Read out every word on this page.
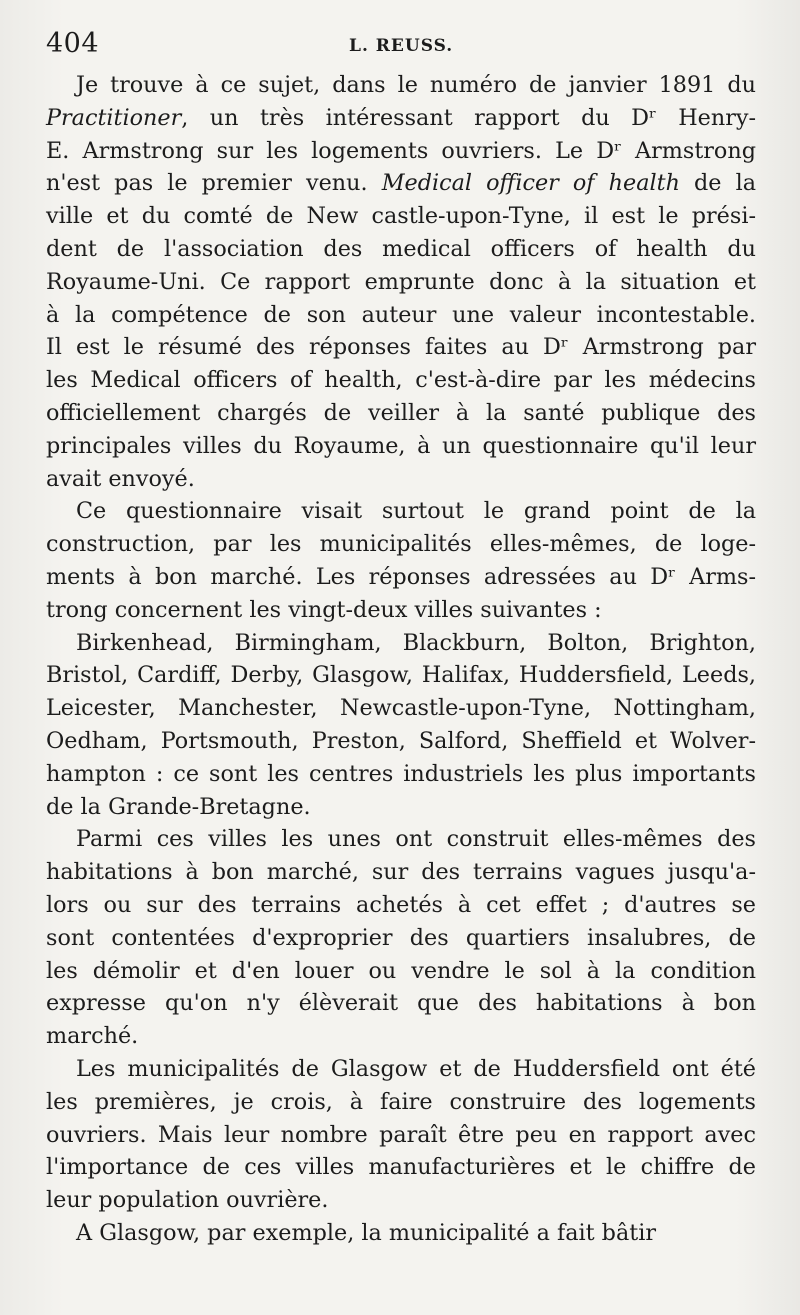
404	L. REUSS.

Je trouve à ce sujet, dans le numéro de janvier 1891 du
Practitioner, un très intéressant rapport du Dʳ Henry-
E. Armstrong sur les logements ouvriers. Le Dʳ Armstrong
n'est pas le premier venu. Medical officer of health de la
ville et du comté de New castle-upon-Tyne, il est le prési-
dent de l'association des medical officers of health du
Royaume-Uni. Ce rapport emprunte donc à la situation et
à la compétence de son auteur une valeur incontestable.
Il est le résumé des réponses faites au Dʳ Armstrong par
les Medical officers of health, c'est-à-dire par les médecins
officiellement chargés de veiller à la santé publique des
principales villes du Royaume, à un questionnaire qu'il leur
avait envoyé.

Ce questionnaire visait surtout le grand point de la
construction, par les municipalités elles-mêmes, de loge-
ments à bon marché. Les réponses adressées au Dʳ Arms-
trong concernent les vingt-deux villes suivantes :

Birkenhead, Birmingham, Blackburn, Bolton, Brighton,
Bristol, Cardiff, Derby, Glasgow, Halifax, Huddersfield, Leeds,
Leicester, Manchester, Newcastle-upon-Tyne, Nottingham,
Oedham, Portsmouth, Preston, Salford, Sheffield et Wolver-
hampton : ce sont les centres industriels les plus importants
de la Grande-Bretagne.

Parmi ces villes les unes ont construit elles-mêmes des
habitations à bon marché, sur des terrains vagues jusqu'a-
lors ou sur des terrains achetés à cet effet ; d'autres se
sont contentées d'exproprier des quartiers insalubres, de
les démolir et d'en louer ou vendre le sol à la condition
expresse qu'on n'y élèverait que des habitations à bon
marché.

Les municipalités de Glasgow et de Huddersfield ont été
les premières, je crois, à faire construire des logements
ouvriers. Mais leur nombre paraît être peu en rapport avec
l'importance de ces villes manufacturières et le chiffre de
leur population ouvrière.

A Glasgow, par exemple, la municipalité a fait bâtir
